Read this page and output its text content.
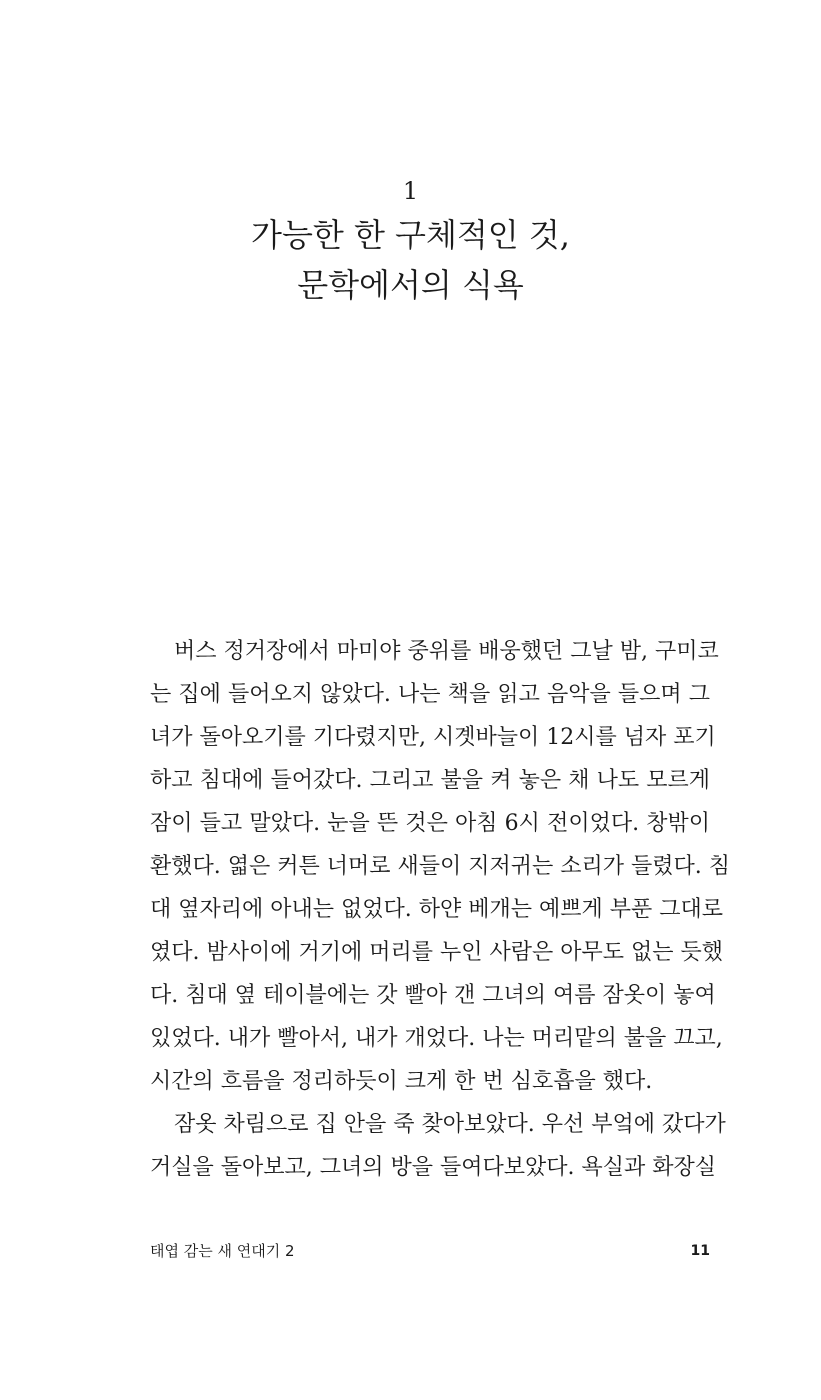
1
가능한 한 구체적인 것,
문학에서의 식욕
버스 정거장에서 마미야 중위를 배웅했던 그날 밤, 구미코
는 집에 들어오지 않았다. 나는 책을 읽고 음악을 들으며 그
녀가 돌아오기를 기다렸지만, 시곗바늘이 12시를 넘자 포기
하고 침대에 들어갔다. 그리고 불을 켜 놓은 채 나도 모르게
잠이 들고 말았다. 눈을 뜬 것은 아침 6시 전이었다. 창밖이
환했다. 엷은 커튼 너머로 새들이 지저귀는 소리가 들렸다. 침
대 옆자리에 아내는 없었다. 하얀 베개는 예쁘게 부푼 그대로
였다. 밤사이에 거기에 머리를 누인 사람은 아무도 없는 듯했
다. 침대 옆 테이블에는 갓 빨아 갠 그녀의 여름 잠옷이 놓여
있었다. 내가 빨아서, 내가 개었다. 나는 머리맡의 불을 끄고,
시간의 흐름을 정리하듯이 크게 한 번 심호흡을 했다.
잠옷 차림으로 집 안을 죽 찾아보았다. 우선 부엌에 갔다가
거실을 돌아보고, 그녀의 방을 들여다보았다. 욕실과 화장실
태엽 감는 새 연대기 2	11
